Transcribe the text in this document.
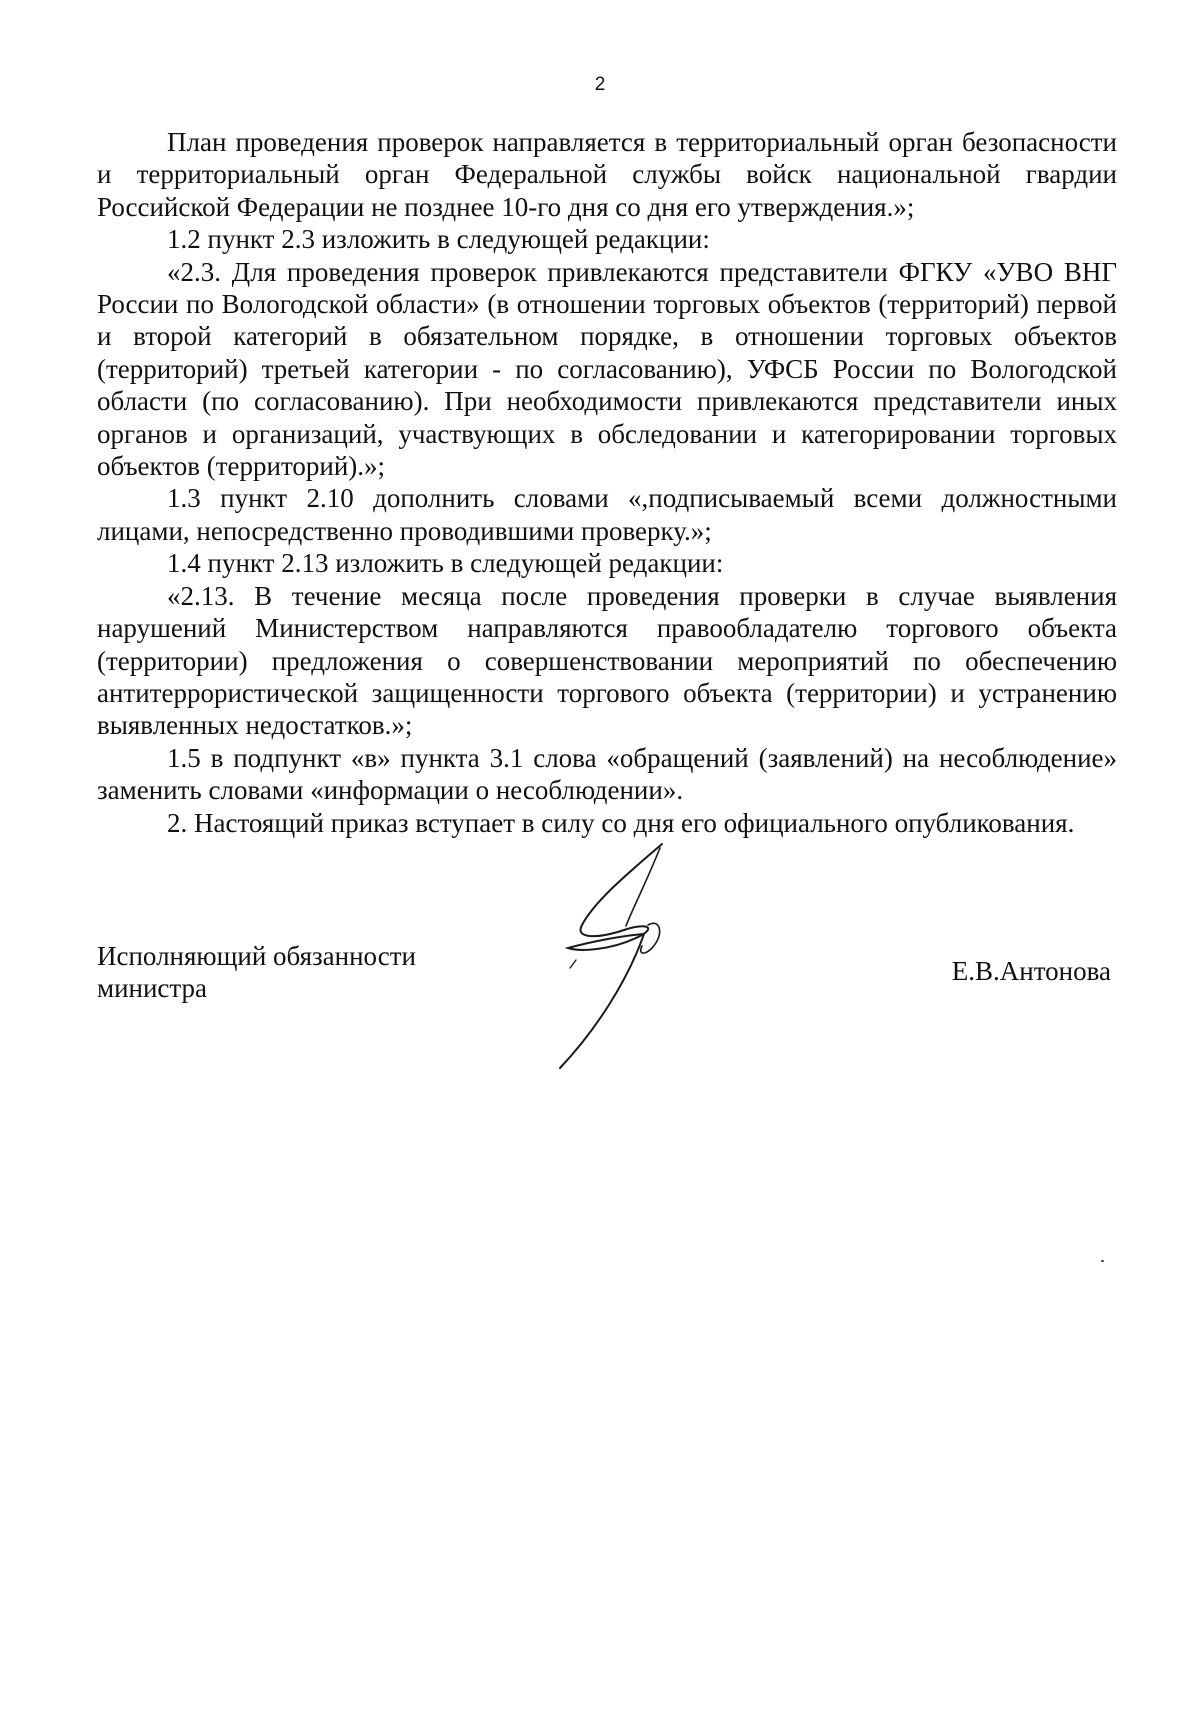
2

План проведения проверок направляется в территориальный орган безопасности и территориальный орган Федеральной службы войск национальной гвардии Российской Федерации не позднее 10-го дня со дня его утверждения.»;

1.2 пункт 2.3 изложить в следующей редакции:

«2.3. Для проведения проверок привлекаются представители ФГКУ «УВО ВНГ России по Вологодской области» (в отношении торговых объектов (территорий) первой и второй категорий в обязательном порядке, в отношении торговых объектов (территорий) третьей категории - по согласованию), УФСБ России по Вологодской области (по согласованию). При необходимости привлекаются представители иных органов и организаций, участвующих в обследовании и категорировании торговых объектов (территорий).»;

1.3 пункт 2.10 дополнить словами «,подписываемый всеми должностными лицами, непосредственно проводившими проверку.»;

1.4 пункт 2.13 изложить в следующей редакции:

«2.13. В течение месяца после проведения проверки в случае выявления нарушений Министерством направляются правообладателю торгового объекта (территории) предложения о совершенствовании мероприятий по обеспечению антитеррористической защищенности торгового объекта (территории) и устранению выявленных недостатков.»;

1.5 в подпункт «в» пункта 3.1 слова «обращений (заявлений) на несоблюдение» заменить словами «информации о несоблюдении».

2. Настоящий приказ вступает в силу со дня его официального опубликования.

Исполняющий обязанности
министра
Е.В.Антонова
